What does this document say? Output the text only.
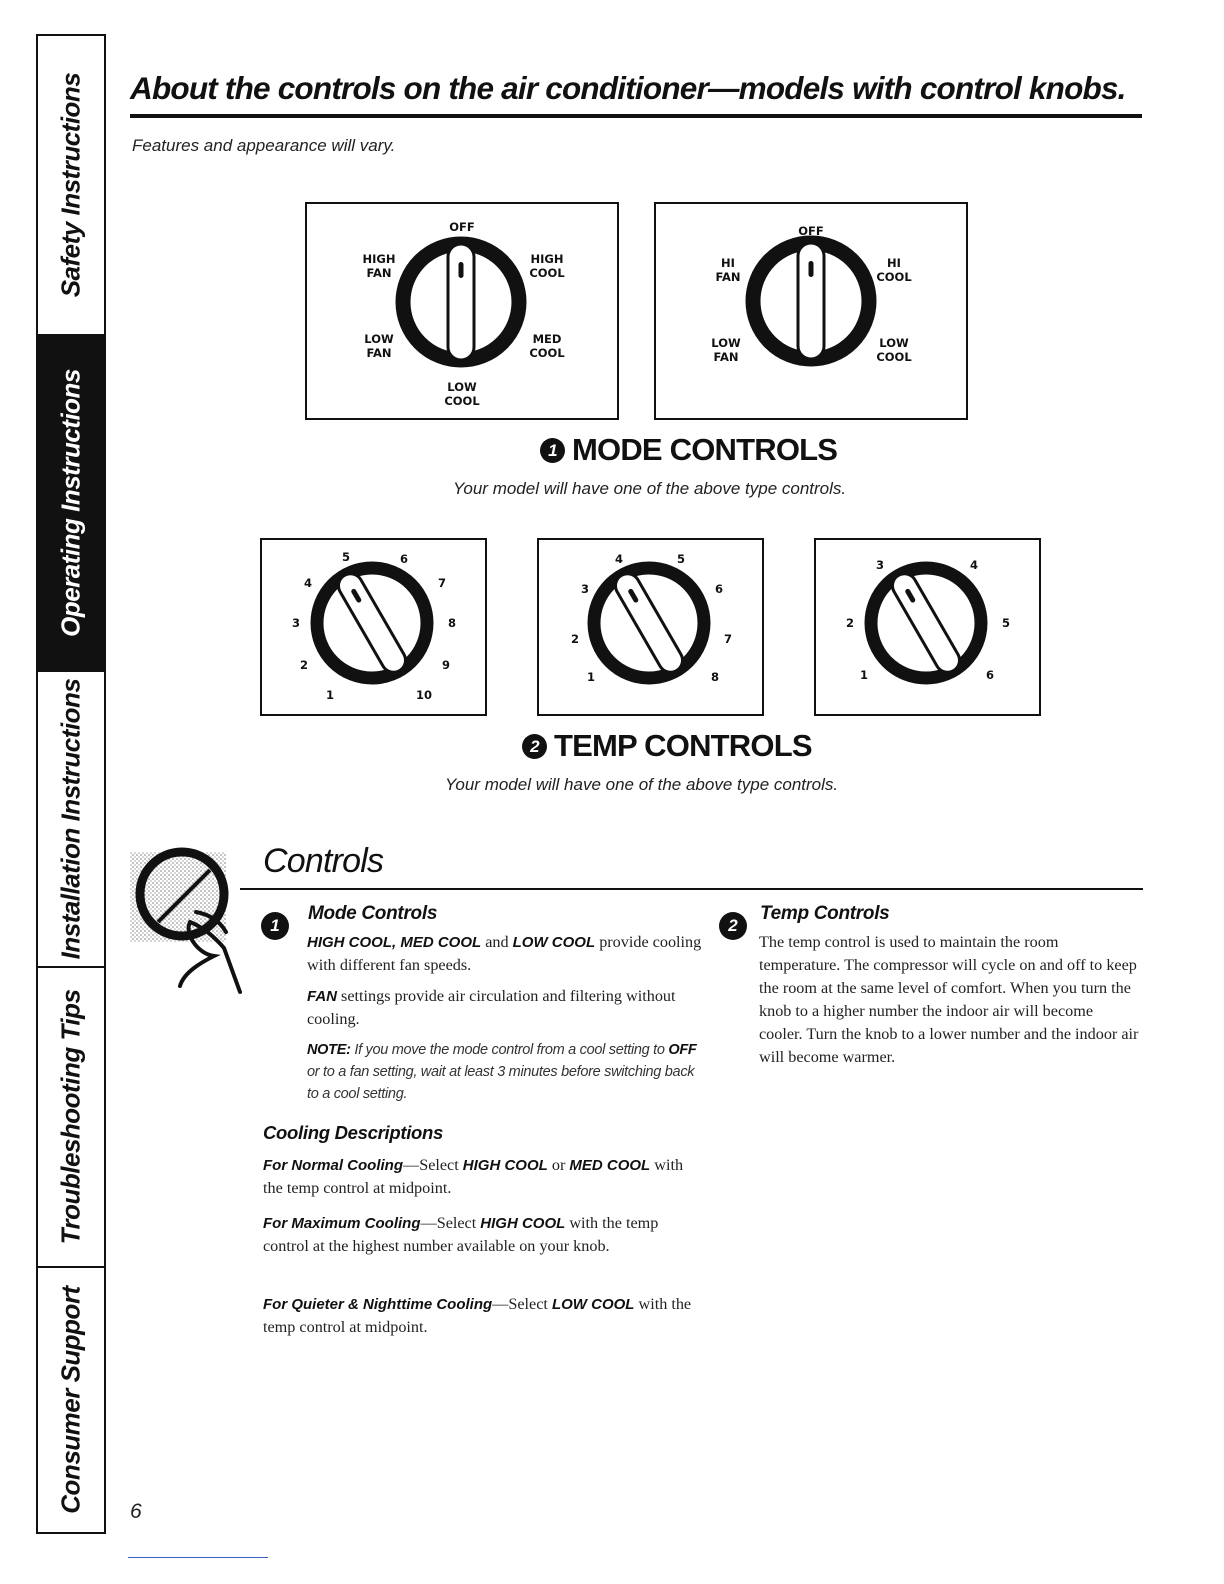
Safety Instructions
Operating Instructions
Installation Instructions
Troubleshooting Tips
Consumer Support
About the controls on the air conditioner—models with control knobs.
Features and appearance will vary.
OFF
HIGH
FAN
HIGH
COOL
LOW
FAN
MED
COOL
LOW
COOL
OFF
HI
FAN
HI
COOL
LOW
FAN
LOW
COOL
1 MODE CONTROLS
Your model will have one of the above type controls.
5	6
4	7
3	8
2	9
1	10
4	5
3	6
2	7
1	8
3	4
2	5
1	6
2 TEMP CONTROLS
Your model will have one of the above type controls.
Controls
1
Mode Controls
HIGH COOL, MED COOL and LOW COOL provide cooling with different fan speeds.
FAN settings provide air circulation and filtering without cooling.
NOTE: If you move the mode control from a cool setting to OFF or to a fan setting, wait at least 3 minutes before switching back to a cool setting.
Cooling Descriptions
For Normal Cooling—Select HIGH COOL or MED COOL with the temp control at midpoint.
For Maximum Cooling—Select HIGH COOL with the temp control at the highest number available on your knob.
For Quieter & Nighttime Cooling—Select LOW COOL with the temp control at midpoint.
2
Temp Controls
The temp control is used to maintain the room temperature. The compressor will cycle on and off to keep the room at the same level of comfort. When you turn the knob to a higher number the indoor air will become cooler. Turn the knob to a lower number and the indoor air will become warmer.
6
